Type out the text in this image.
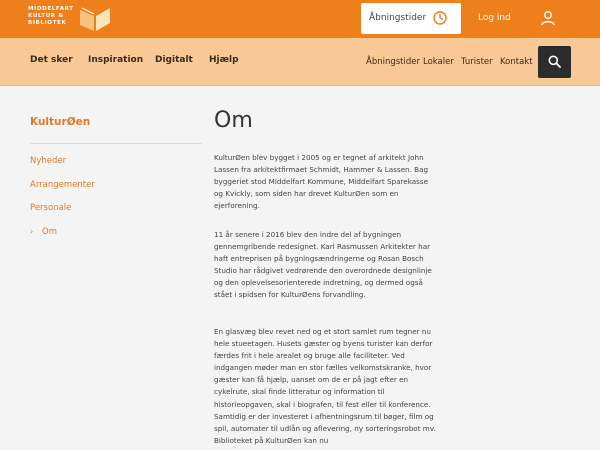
MIDDELFART
KULTUR &
BIBLIOTEK	Åbningstider	Log ind
Det sker Inspiration Digitalt Hjælp	Åbningstider Lokaler Turister Kontakt
KulturØen
Nyheder
Arrangementer
Personale
› Om
Om

KulturØen blev bygget i 2005 og er tegnet af arkitekt John Lassen fra arkitektfirmaet Schmidt, Hammer & Lassen. Bag byggeriet stod Middelfart Kommune, Middelfart Sparekasse og Kvickly, som siden har drevet KulturØen som en ejerforening.

11 år senere i 2016 blev den indre del af bygningen gennemgribende redesignet. Karl Rasmussen Arkitekter har haft entreprisen på bygningsændringerne og Rosan Bosch Studio har rådgivet vedrørende den overordnede designlinje og den oplevelsesorienterede indretning, og dermed også stået i spidsen for KulturØens forvandling.

En glasvæg blev revet ned og et stort samlet rum tegner nu hele stueetagen. Husets gæster og byens turister kan derfor færdes frit i hele arealet og bruge alle faciliteter. Ved indgangen møder man en stor fælles velkomstskranke, hvor gæster kan få hjælp, uanset om de er på jagt efter en cykelrute, skal finde litteratur og information til historieopgaven, skal i biografen, til fest eller til konference. Samtidig er der investeret i afhentningsrum til bøger, film og spil, automater til udlån og aflevering, ny sorteringsrobot mv. Biblioteket på KulturØen kan nu
